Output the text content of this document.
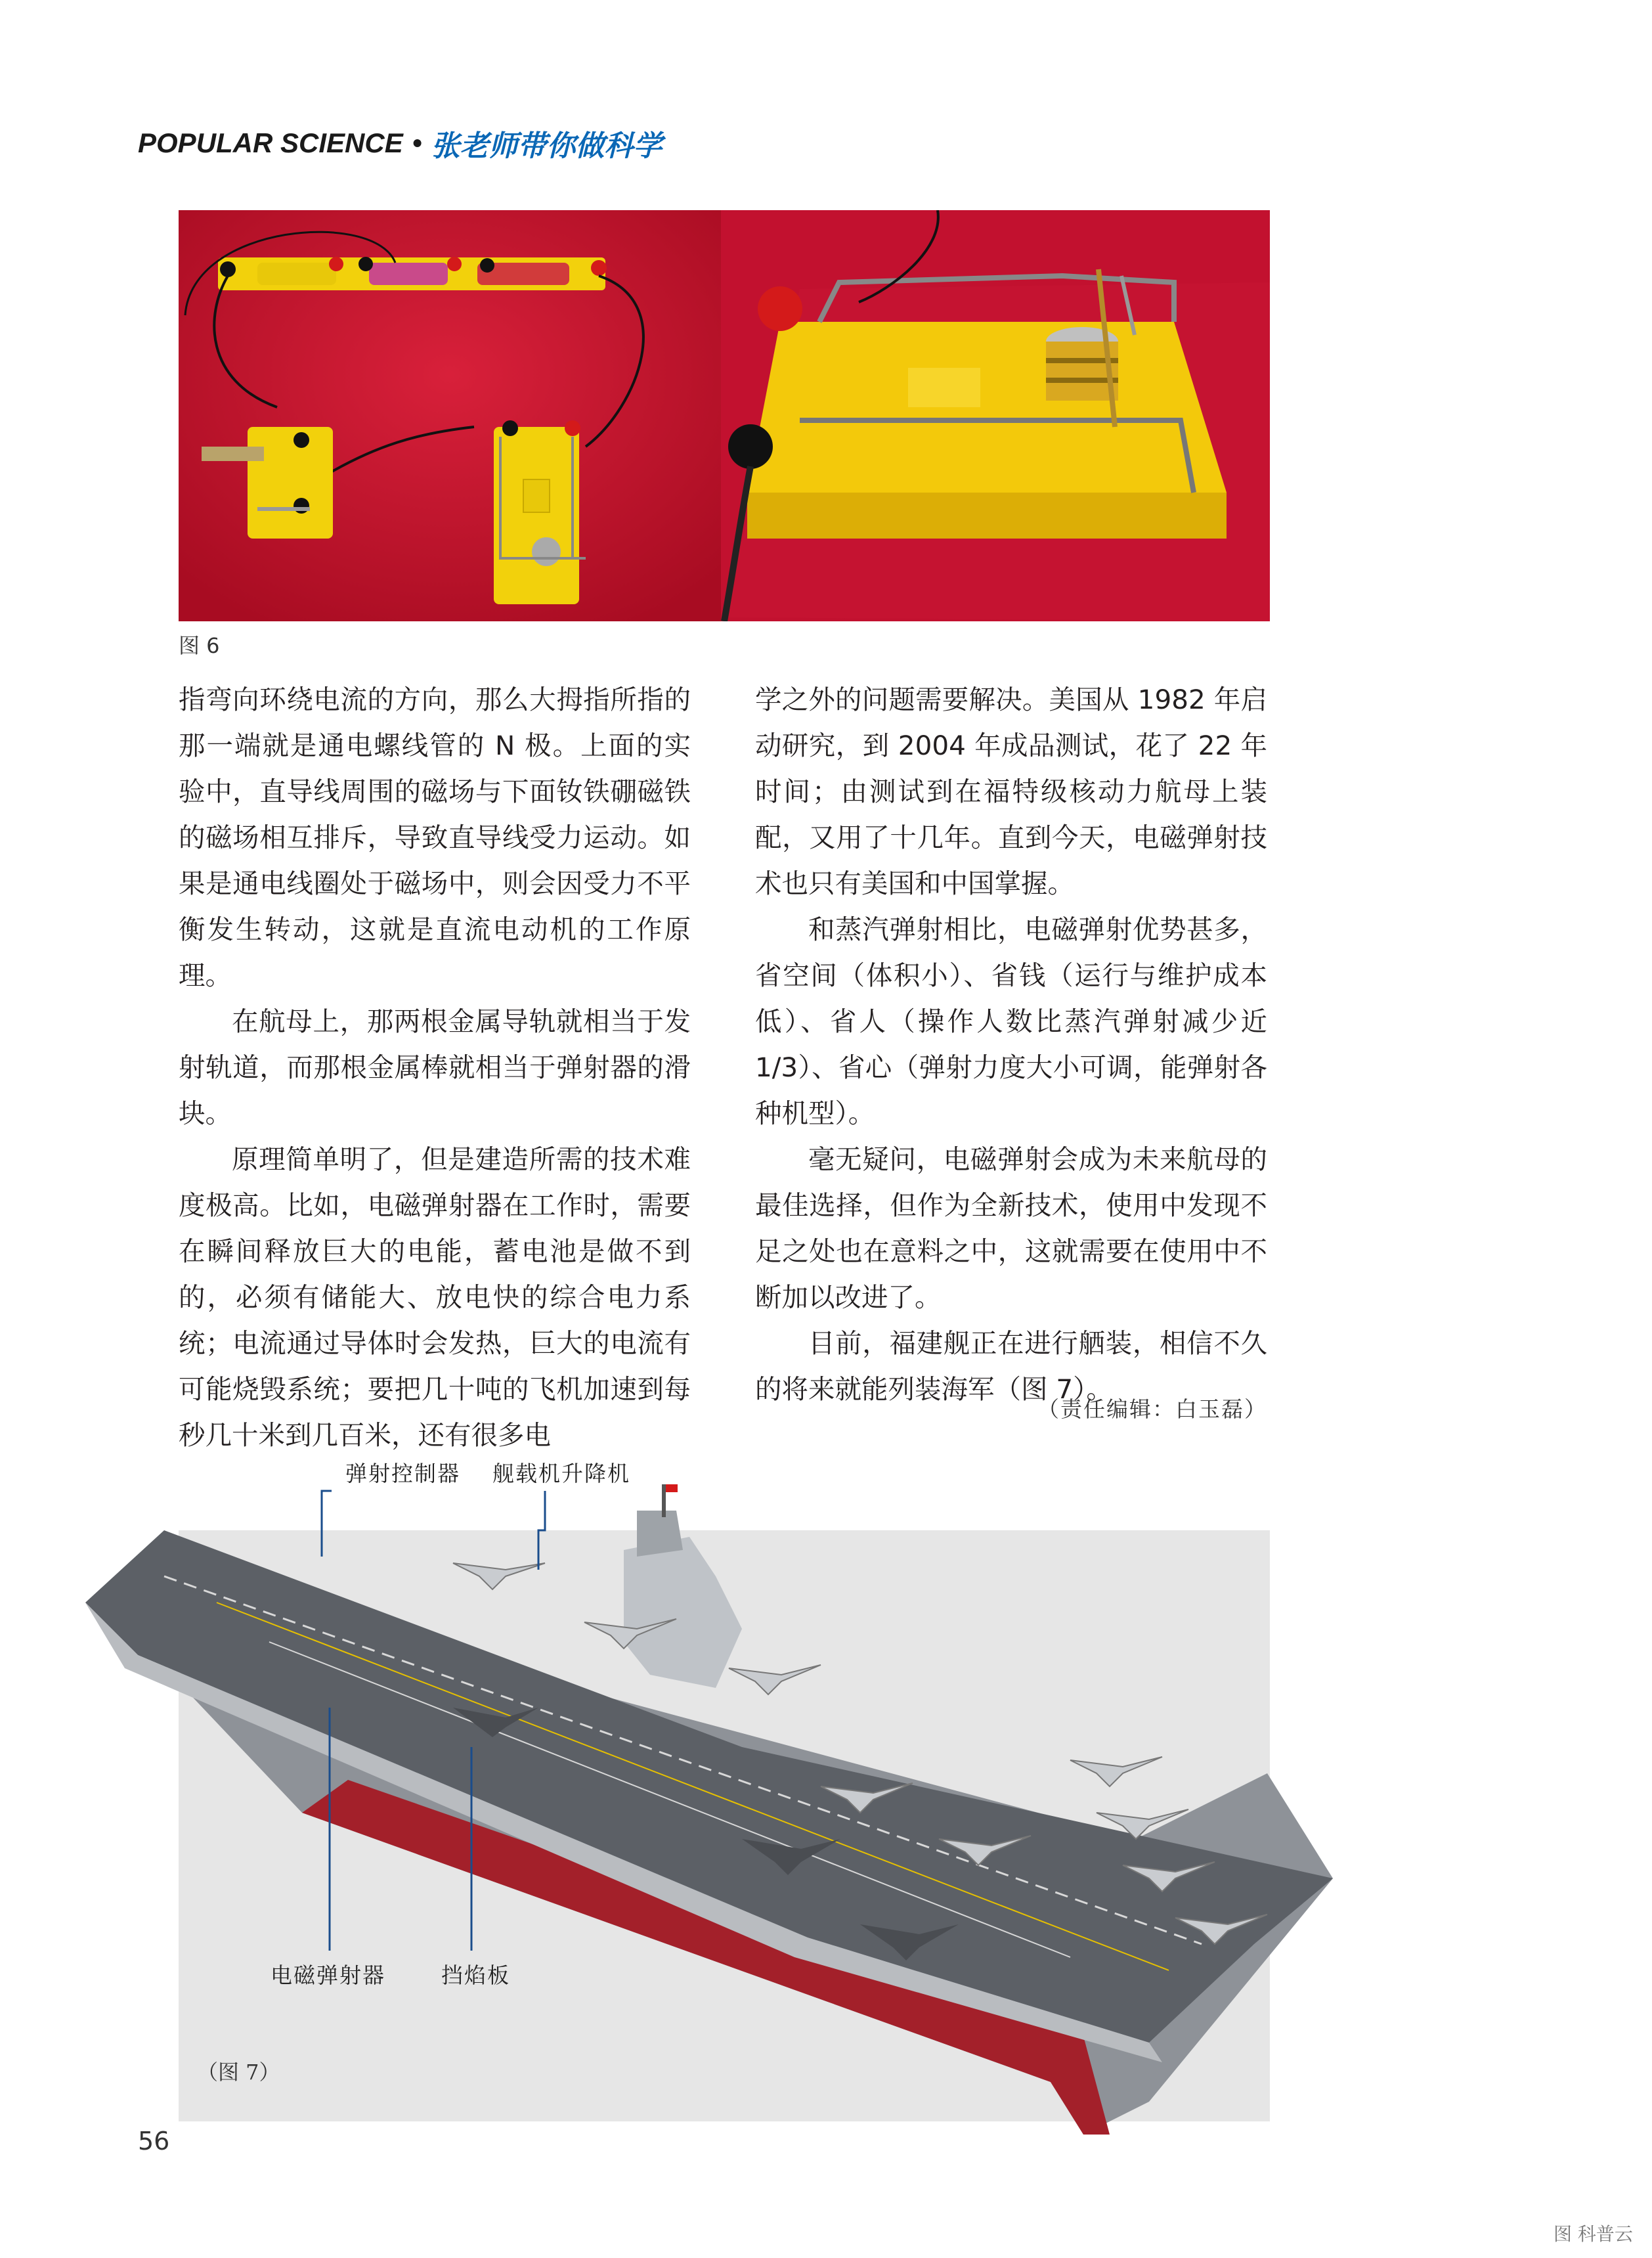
POPULAR SCIENCE • 张老师带你做科学
图 6

指弯向环绕电流的方向，那么大拇指所指的那一端就是通电螺线管的 N 极。上面的实验中，直导线周围的磁场与下面钕铁硼磁铁的磁场相互排斥，导致直导线受力运动。如果是通电线圈处于磁场中，则会因受力不平衡发生转动，这就是直流电动机的工作原理。

在航母上，那两根金属导轨就相当于发射轨道，而那根金属棒就相当于弹射器的滑块。

原理简单明了，但是建造所需的技术难度极高。比如，电磁弹射器在工作时，需要在瞬间释放巨大的电能，蓄电池是做不到的，必须有储能大、放电快的综合电力系统；电流通过导体时会发热，巨大的电流有可能烧毁系统；要把几十吨的飞机加速到每秒几十米到几百米，还有很多电

学之外的问题需要解决。美国从 1982 年启动研究，到 2004 年成品测试，花了 22 年时间；由测试到在福特级核动力航母上装配，又用了十几年。直到今天，电磁弹射技术也只有美国和中国掌握。

和蒸汽弹射相比，电磁弹射优势甚多，省空间（体积小）、省钱（运行与维护成本低）、省人（操作人数比蒸汽弹射减少近 1/3）、省心（弹射力度大小可调，能弹射各种机型）。

毫无疑问，电磁弹射会成为未来航母的最佳选择，但作为全新技术，使用中发现不足之处也在意料之中，这就需要在使用中不断加以改进了。

目前，福建舰正在进行舾装，相信不久的将来就能列装海军（图 7）。

（责任编辑：白玉磊）
弹射控制器 舰载机升降机
电磁弹射器	挡焰板
（图 7）
56
图 科普云
